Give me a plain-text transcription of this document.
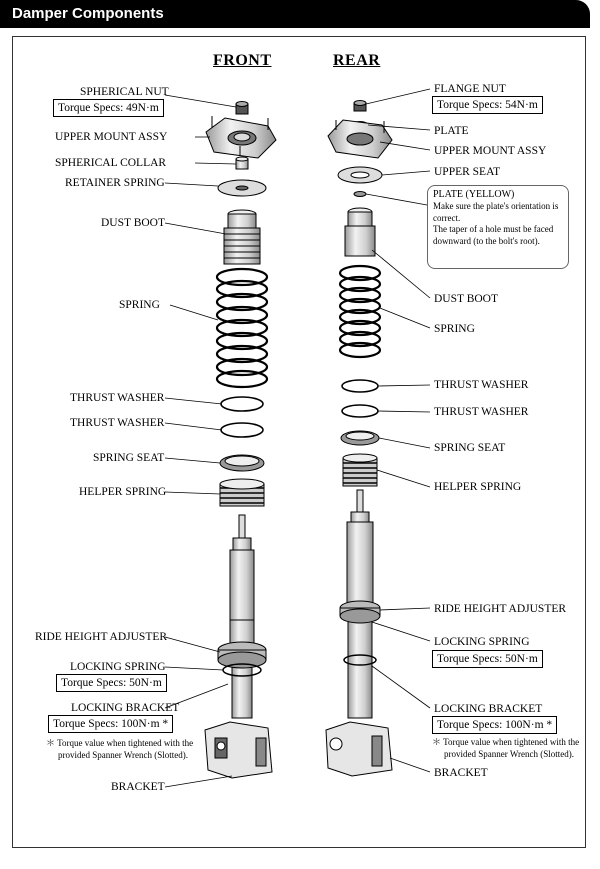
Damper Components
FRONT	REAR
SPHERICAL NUT
Torque Specs: 49N·m
UPPER MOUNT ASSY
SPHERICAL COLLAR
RETAINER SPRING
DUST BOOT
SPRING
THRUST WASHER
THRUST WASHER
SPRING SEAT
HELPER SPRING
RIDE HEIGHT ADJUSTER
LOCKING SPRING
Torque Specs: 50N·m
LOCKING BRACKET
Torque Specs: 100N·m *
＊ Torque value when tightened with the
provided Spanner Wrench (Slotted).
BRACKET
FLANGE NUT
Torque Specs: 54N·m
PLATE
UPPER MOUNT ASSY
UPPER SEAT
PLATE (YELLOW)
Make sure the plate's orientation is
correct.
The taper of a hole must be faced
downward (to the bolt's root).
DUST BOOT
SPRING
THRUST WASHER
THRUST WASHER
SPRING SEAT
HELPER SPRING
RIDE HEIGHT ADJUSTER
LOCKING SPRING
Torque Specs: 50N·m
LOCKING BRACKET
Torque Specs: 100N·m *
＊ Torque value when tightened with the
provided Spanner Wrench (Slotted).
BRACKET
